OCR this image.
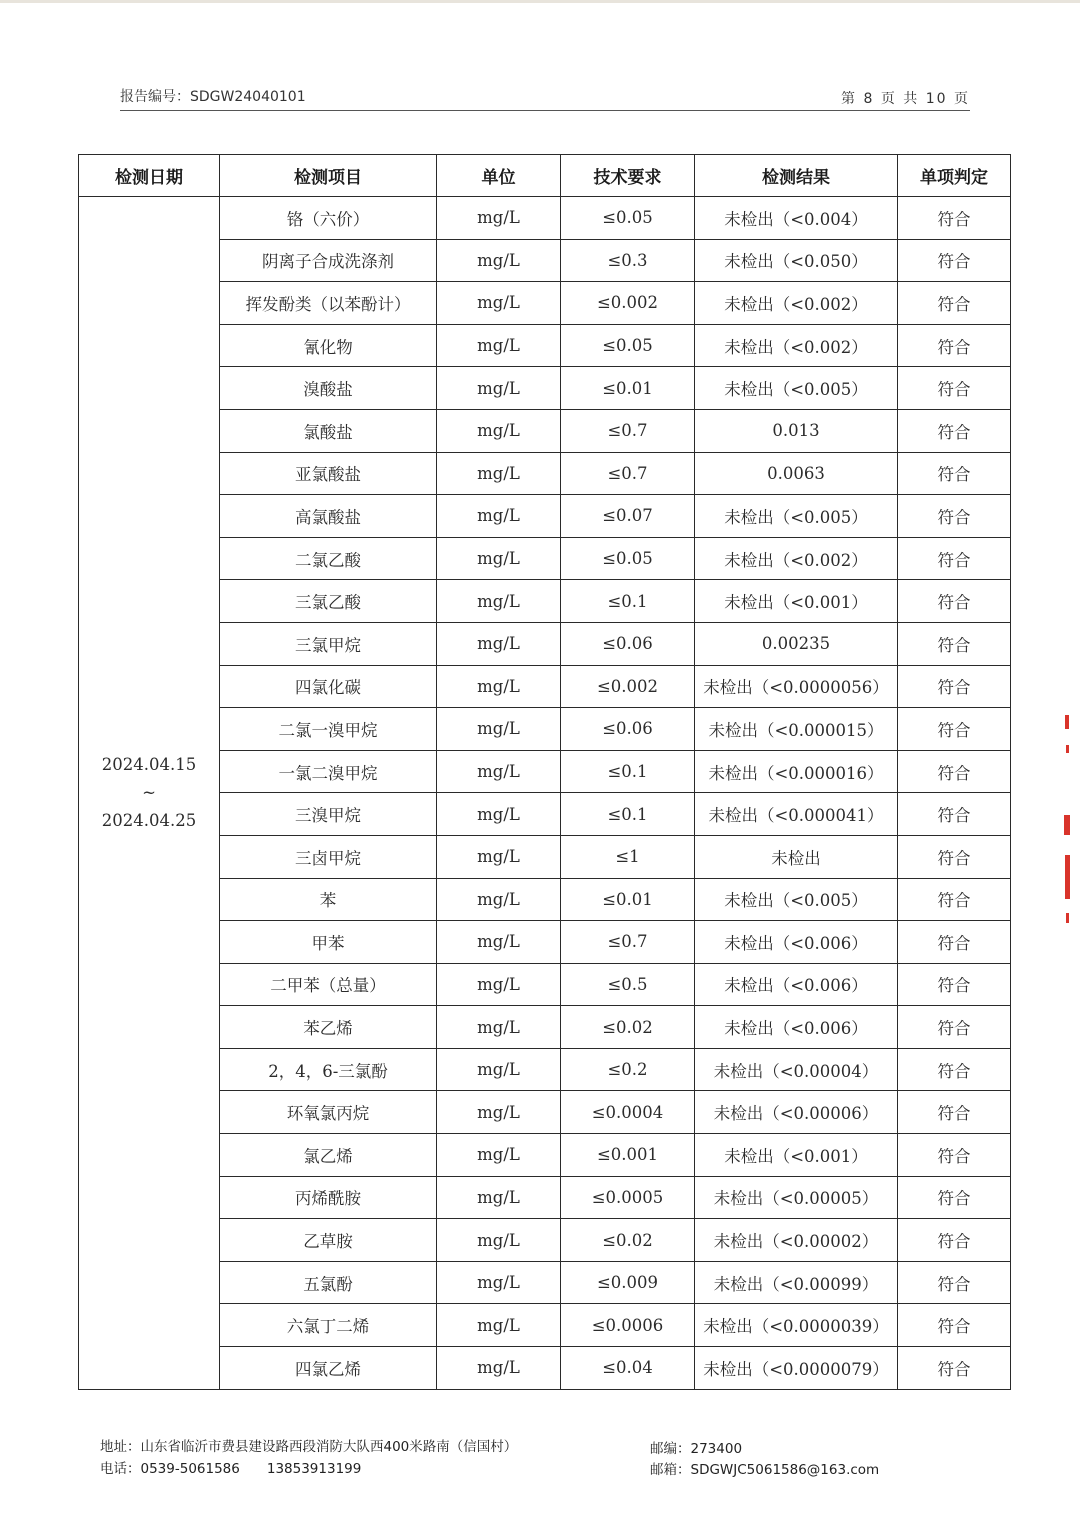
报告编号：SDGW24040101	第 8 页 共 10 页
检测日期	检测项目	单位	技术要求	检测结果	单项判定

2024.04.15
~
2024.04.25	铬（六价）	mg/L	≤0.05	未检出（<0.004）	符合
	阴离子合成洗涤剂	mg/L	≤0.3	未检出（<0.050）	符合
	挥发酚类（以苯酚计）	mg/L	≤0.002	未检出（<0.002）	符合
	氰化物	mg/L	≤0.05	未检出（<0.002）	符合
	溴酸盐	mg/L	≤0.01	未检出（<0.005）	符合
	氯酸盐	mg/L	≤0.7	0.013	符合
	亚氯酸盐	mg/L	≤0.7	0.0063	符合
	高氯酸盐	mg/L	≤0.07	未检出（<0.005）	符合
	二氯乙酸	mg/L	≤0.05	未检出（<0.002）	符合
	三氯乙酸	mg/L	≤0.1	未检出（<0.001）	符合
	三氯甲烷	mg/L	≤0.06	0.00235	符合
	四氯化碳	mg/L	≤0.002	未检出（<0.0000056）	符合
	二氯一溴甲烷	mg/L	≤0.06	未检出（<0.000015）	符合
	一氯二溴甲烷	mg/L	≤0.1	未检出（<0.000016）	符合
	三溴甲烷	mg/L	≤0.1	未检出（<0.000041）	符合
	三卤甲烷	mg/L	≤1	未检出	符合
	苯	mg/L	≤0.01	未检出（<0.005）	符合
	甲苯	mg/L	≤0.7	未检出（<0.006）	符合
	二甲苯（总量）	mg/L	≤0.5	未检出（<0.006）	符合
	苯乙烯	mg/L	≤0.02	未检出（<0.006）	符合
	2，4，6-三氯酚	mg/L	≤0.2	未检出（<0.00004）	符合
	环氧氯丙烷	mg/L	≤0.0004	未检出（<0.00006）	符合
	氯乙烯	mg/L	≤0.001	未检出（<0.001）	符合
	丙烯酰胺	mg/L	≤0.0005	未检出（<0.00005）	符合
	乙草胺	mg/L	≤0.02	未检出（<0.00002）	符合
	五氯酚	mg/L	≤0.009	未检出（<0.00099）	符合
	六氯丁二烯	mg/L	≤0.0006	未检出（<0.0000039）	符合
	四氯乙烯	mg/L	≤0.04	未检出（<0.0000079）	符合
地址：山东省临沂市费县建设路西段消防大队西400米路南（信国村）
电话：0539-5061586　　13853913199
邮编：273400
邮箱：SDGWJC5061586@163.com
